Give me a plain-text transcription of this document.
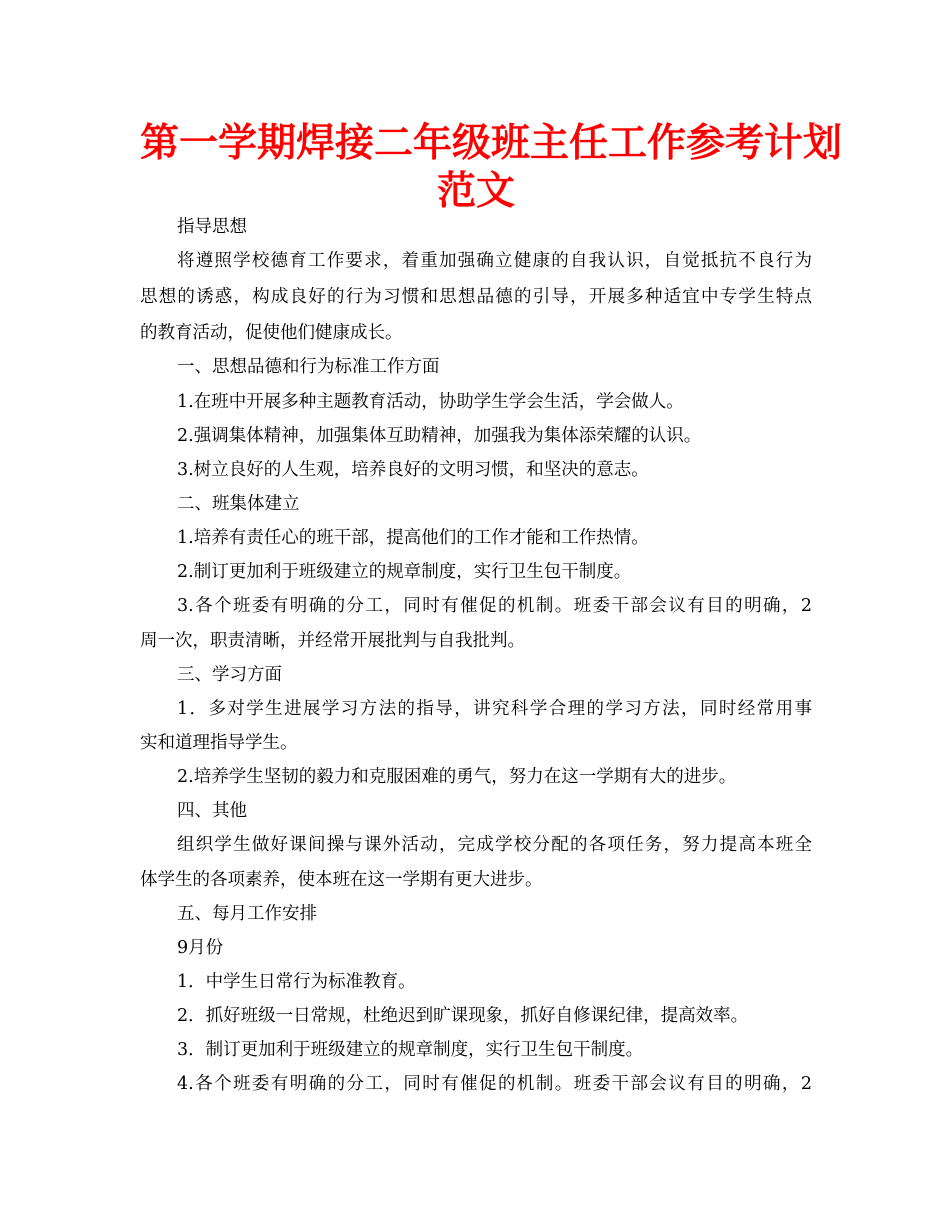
第一学期焊接二年级班主任工作参考计划
范文

指导思想

将遵照学校德育工作要求，着重加强确立健康的自我认识，自觉抵抗不良行为

思想的诱惑，构成良好的行为习惯和思想品德的引导，开展多种适宜中专学生特点

的教育活动，促使他们健康成长。

一、思想品德和行为标准工作方面

1.在班中开展多种主题教育活动，协助学生学会生活，学会做人。

2.强调集体精神，加强集体互助精神，加强我为集体添荣耀的认识。

3.树立良好的人生观，培养良好的文明习惯，和坚决的意志。

二、班集体建立

1.培养有责任心的班干部，提高他们的工作才能和工作热情。

2.制订更加利于班级建立的规章制度，实行卫生包干制度。

3.各个班委有明确的分工，同时有催促的机制。班委干部会议有目的明确，2

周一次，职责清晰，并经常开展批判与自我批判。

三、学习方面

1．多对学生进展学习方法的指导，讲究科学合理的学习方法，同时经常用事

实和道理指导学生。

2.培养学生坚韧的毅力和克服困难的勇气，努力在这一学期有大的进步。

四、其他

组织学生做好课间操与课外活动，完成学校分配的各项任务，努力提高本班全

体学生的各项素养，使本班在这一学期有更大进步。

五、每月工作安排

9月份

1．中学生日常行为标准教育。

2．抓好班级一日常规，杜绝迟到旷课现象，抓好自修课纪律，提高效率。

3．制订更加利于班级建立的规章制度，实行卫生包干制度。

4.各个班委有明确的分工，同时有催促的机制。班委干部会议有目的明确，2
